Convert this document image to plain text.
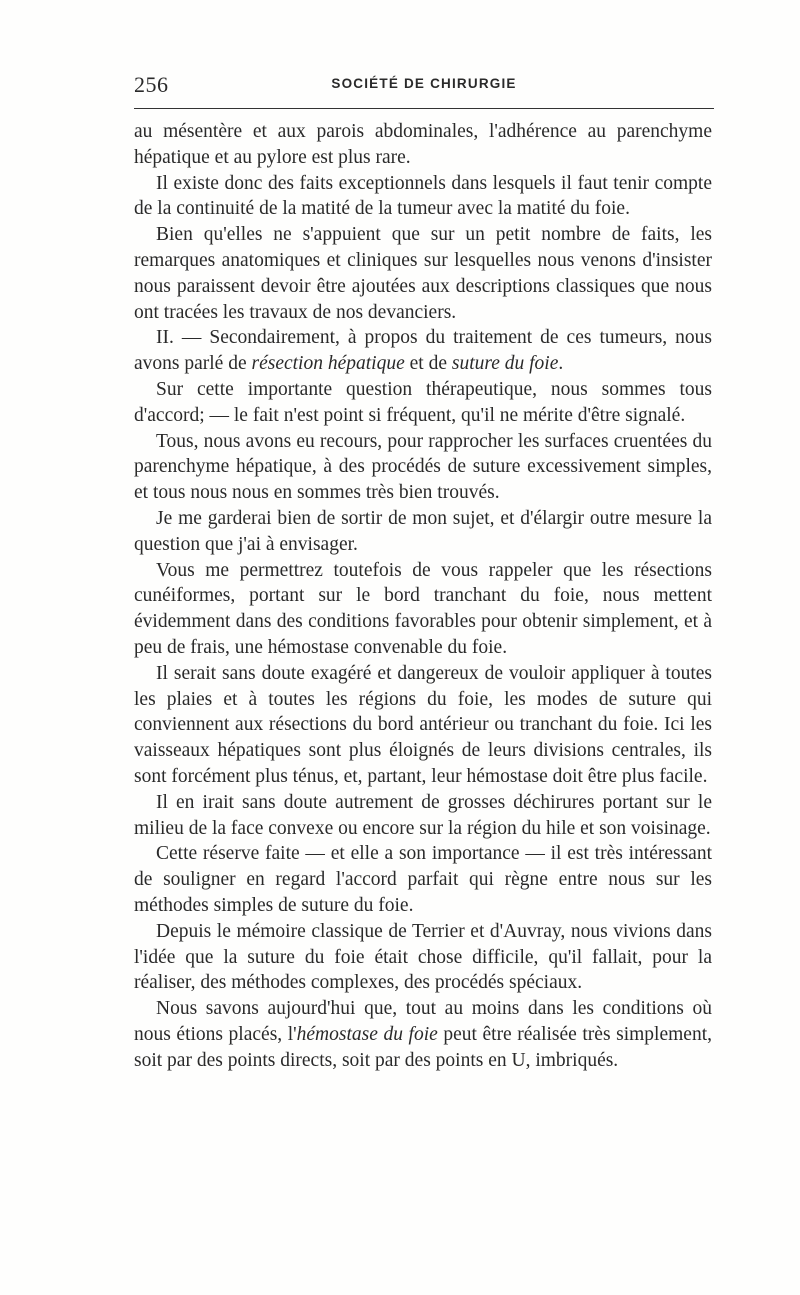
256	SOCIÉTÉ DE CHIRURGIE

au mésentère et aux parois abdominales, l'adhérence au parenchyme hépatique et au pylore est plus rare.

Il existe donc des faits exceptionnels dans lesquels il faut tenir compte de la continuité de la matité de la tumeur avec la matité du foie.

Bien qu'elles ne s'appuient que sur un petit nombre de faits, les remarques anatomiques et cliniques sur lesquelles nous venons d'insister nous paraissent devoir être ajoutées aux descriptions classiques que nous ont tracées les travaux de nos devanciers.

II. — Secondairement, à propos du traitement de ces tumeurs, nous avons parlé de résection hépatique et de suture du foie.

Sur cette importante question thérapeutique, nous sommes tous d'accord; — le fait n'est point si fréquent, qu'il ne mérite d'être signalé.

Tous, nous avons eu recours, pour rapprocher les surfaces cruentées du parenchyme hépatique, à des procédés de suture excessivement simples, et tous nous nous en sommes très bien trouvés.

Je me garderai bien de sortir de mon sujet, et d'élargir outre mesure la question que j'ai à envisager.

Vous me permettrez toutefois de vous rappeler que les résections cunéiformes, portant sur le bord tranchant du foie, nous mettent évidemment dans des conditions favorables pour obtenir simplement, et à peu de frais, une hémostase convenable du foie.

Il serait sans doute exagéré et dangereux de vouloir appliquer à toutes les plaies et à toutes les régions du foie, les modes de suture qui conviennent aux résections du bord antérieur ou tranchant du foie. Ici les vaisseaux hépatiques sont plus éloignés de leurs divisions centrales, ils sont forcément plus ténus, et, partant, leur hémostase doit être plus facile.

Il en irait sans doute autrement de grosses déchirures portant sur le milieu de la face convexe ou encore sur la région du hile et son voisinage.

Cette réserve faite — et elle a son importance — il est très intéressant de souligner en regard l'accord parfait qui règne entre nous sur les méthodes simples de suture du foie.

Depuis le mémoire classique de Terrier et d'Auvray, nous vivions dans l'idée que la suture du foie était chose difficile, qu'il fallait, pour la réaliser, des méthodes complexes, des procédés spéciaux.

Nous savons aujourd'hui que, tout au moins dans les conditions où nous étions placés, l'hémostase du foie peut être réalisée très simplement, soit par des points directs, soit par des points en U, imbriqués.
